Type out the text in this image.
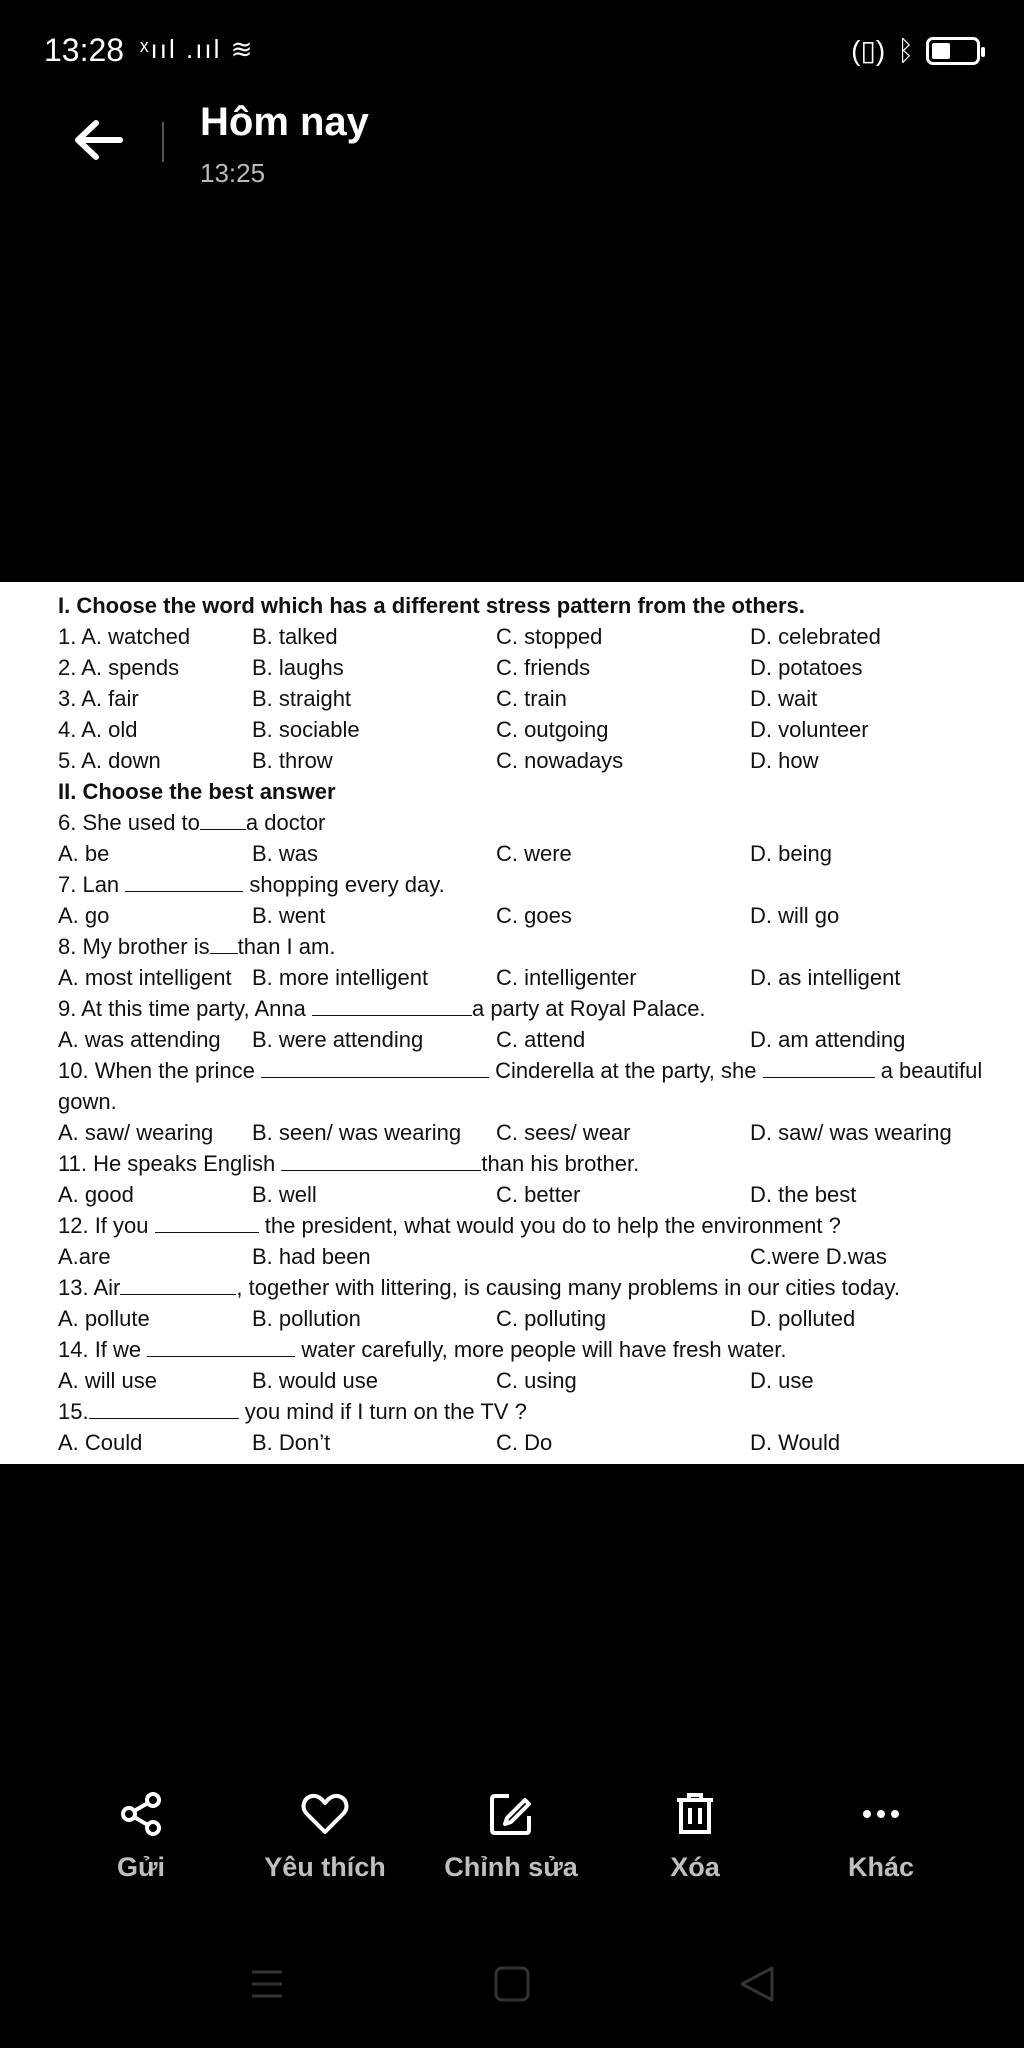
13:28 ˣııl .ııl ≋	(▯) ᛒ
Hôm nay
13:25
I. Choose the word which has a different stress pattern from the others.
1. A. watched	B. talked	C. stopped	D. celebrated
2. A. spends	B. laughs	C. friends	D. potatoes
3. A. fair	B. straight	C. train	D. wait
4. A. old	B. sociable	C. outgoing	D. volunteer
5. A. down	B. throw	C. nowadays	D. how
II. Choose the best answer
6. She used to a doctor
A. be	B. was	C. were	D. being
7. Lan	shopping every day.
A. go	B. went	C. goes	D. will go
8. My brother is than I am.
A. most intelligent B. more intelligent	C. intelligenter	D. as intelligent
9. At this time party, Anna	a party at Royal Palace.
A. was attending B. were attending	C. attend	D. am attending
10. When the prince	Cinderella at the party, she	a beautiful
gown.
A. saw/ wearing B. seen/ was wearing C. sees/ wear	D. saw/ was wearing
11. He speaks English	than his brother.
A. good	B. well	C. better	D. the best
12. If you	the president, what would you do to help the environment ?
A.are	B. had been	C.were D.was
13. Air	, together with littering, is causing many problems in our cities today.
A. pollute	B. pollution	C. polluting	D. polluted
14. If we	water carefully, more people will have fresh water.
A. will use	B. would use	C. using	D. use
15.	you mind if I turn on the TV ?
A. Could	B. Don’t	C. Do	D. Would
Gửi	Yêu thích	Chỉnh sửa	Xóa	Khác
